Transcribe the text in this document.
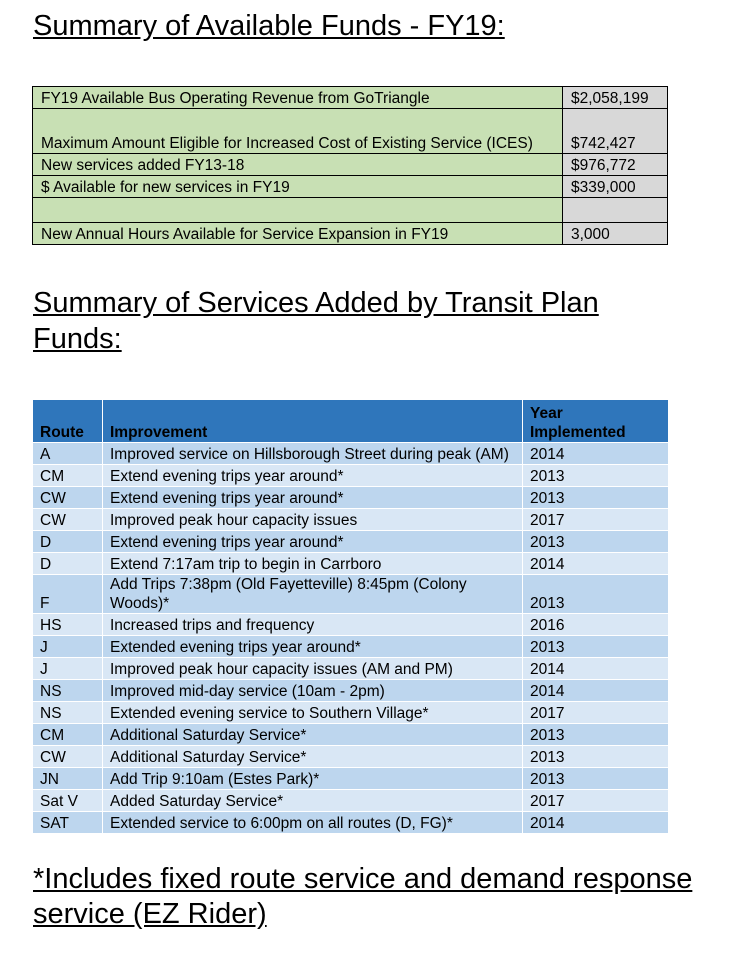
Summary of Available Funds - FY19:
FY19 Available Bus Operating Revenue from GoTriangle	$2,058,199
Maximum Amount Eligible for Increased Cost of Existing Service (ICES)	$742,427
New services added FY13-18	$976,772
$ Available for new services in FY19	$339,000

New Annual Hours Available for Service Expansion in FY19	3,000
Summary of Services Added by Transit Plan Funds:
Route	Improvement	Year Implemented
A	Improved service on Hillsborough Street during peak (AM)	2014
CM	Extend evening trips year around*	2013
CW	Extend evening trips year around*	2013
CW	Improved peak hour capacity issues	2017
D	Extend evening trips year around*	2013
D	Extend 7:17am trip to begin in Carrboro	2014
F	Add Trips 7:38pm (Old Fayetteville) 8:45pm (Colony Woods)*	2013
HS	Increased trips and frequency	2016
J	Extended evening trips year around*	2013
J	Improved peak hour capacity issues (AM and PM)	2014
NS	Improved mid-day service (10am - 2pm)	2014
NS	Extended evening service to Southern Village*	2017
CM	Additional Saturday Service*	2013
CW	Additional Saturday Service*	2013
JN	Add Trip 9:10am (Estes Park)*	2013
Sat V	Added Saturday Service*	2017
SAT	Extended service to 6:00pm on all routes (D, FG)*	2014
*Includes fixed route service and demand response service (EZ Rider)
